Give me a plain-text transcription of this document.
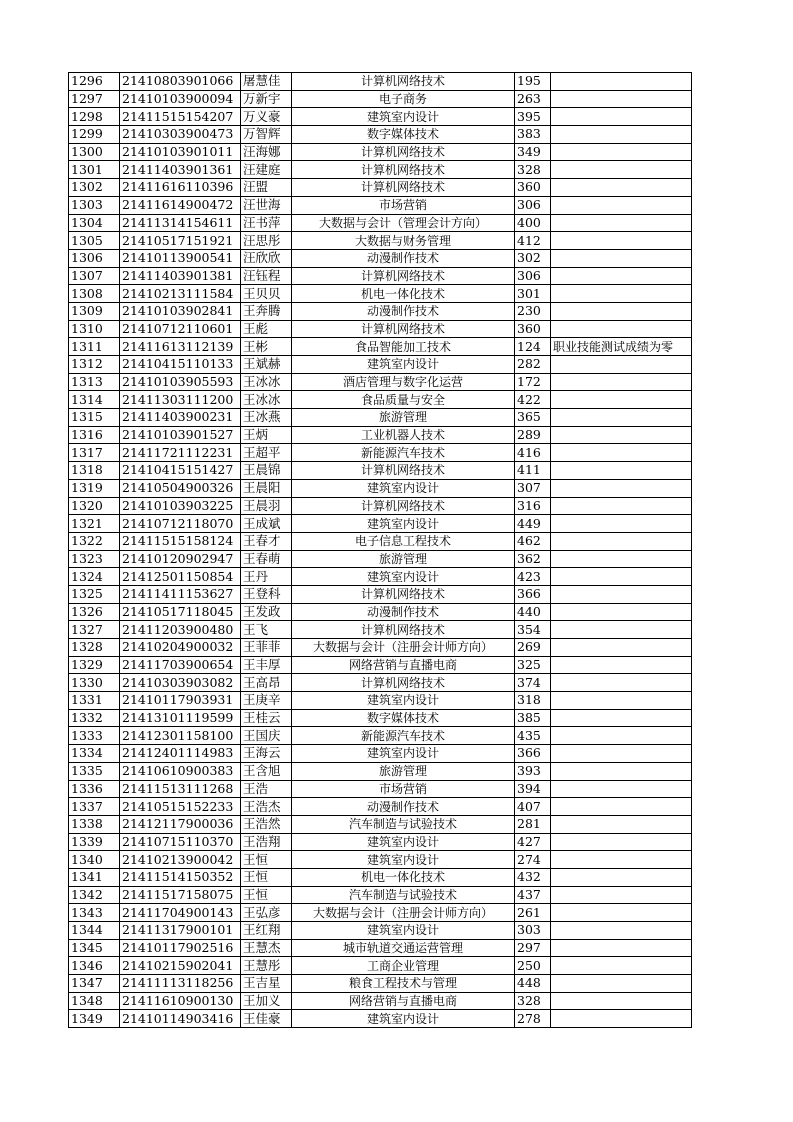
1296	21410803901066	屠慧佳	计算机网络技术	195	
1297	21410103900094	万新宇	电子商务	263	
1298	21411515154207	万义豪	建筑室内设计	395	
1299	21410303900473	万智辉	数字媒体技术	383	
1300	21410103901011	汪海娜	计算机网络技术	349	
1301	21411403901361	汪建庭	计算机网络技术	328	
1302	21411616110396	汪盟	计算机网络技术	360	
1303	21411614900472	汪世海	市场营销	306	
1304	21411314154611	汪书萍	大数据与会计（管理会计方向）	400	
1305	21410517151921	汪思彤	大数据与财务管理	412	
1306	21410113900541	汪欣欣	动漫制作技术	302	
1307	21411403901381	汪钰程	计算机网络技术	306	
1308	21410213111584	王贝贝	机电一体化技术	301	
1309	21410103902841	王奔腾	动漫制作技术	230	
1310	21410712110601	王彪	计算机网络技术	360	
1311	21411613112139	王彬	食品智能加工技术	124	职业技能测试成绩为零
1312	21410415110133	王斌赫	建筑室内设计	282	
1313	21410103905593	王冰冰	酒店管理与数字化运营	172	
1314	21411303111200	王冰冰	食品质量与安全	422	
1315	21411403900231	王冰燕	旅游管理	365	
1316	21410103901527	王炳	工业机器人技术	289	
1317	21411721112231	王超平	新能源汽车技术	416	
1318	21410415151427	王晨锦	计算机网络技术	411	
1319	21410504900326	王晨阳	建筑室内设计	307	
1320	21410103903225	王晨羽	计算机网络技术	316	
1321	21410712118070	王成斌	建筑室内设计	449	
1322	21411515158124	王春才	电子信息工程技术	462	
1323	21410120902947	王春萌	旅游管理	362	
1324	21412501150854	王丹	建筑室内设计	423	
1325	21411411153627	王登科	计算机网络技术	366	
1326	21410517118045	王发政	动漫制作技术	440	
1327	21411203900480	王飞	计算机网络技术	354	
1328	21410204900032	王菲菲	大数据与会计（注册会计师方向）	269	
1329	21411703900654	王丰厚	网络营销与直播电商	325	
1330	21410303903082	王高昂	计算机网络技术	374	
1331	21410117903931	王庚辛	建筑室内设计	318	
1332	21413101119599	王桂云	数字媒体技术	385	
1333	21412301158100	王国庆	新能源汽车技术	435	
1334	21412401114983	王海云	建筑室内设计	366	
1335	21410610900383	王含旭	旅游管理	393	
1336	21411513111268	王浩	市场营销	394	
1337	21410515152233	王浩杰	动漫制作技术	407	
1338	21412117900036	王浩然	汽车制造与试验技术	281	
1339	21410715110370	王浩翔	建筑室内设计	427	
1340	21410213900042	王恒	建筑室内设计	274	
1341	21411514150352	王恒	机电一体化技术	432	
1342	21411517158075	王恒	汽车制造与试验技术	437	
1343	21411704900143	王弘彦	大数据与会计（注册会计师方向）	261	
1344	21411317900101	王红翔	建筑室内设计	303	
1345	21410117902516	王慧杰	城市轨道交通运营管理	297	
1346	21410215902041	王慧彤	工商企业管理	250	
1347	21411113118256	王吉星	粮食工程技术与管理	448	
1348	21411610900130	王加义	网络营销与直播电商	328	
1349	21410114903416	王佳豪	建筑室内设计	278	
